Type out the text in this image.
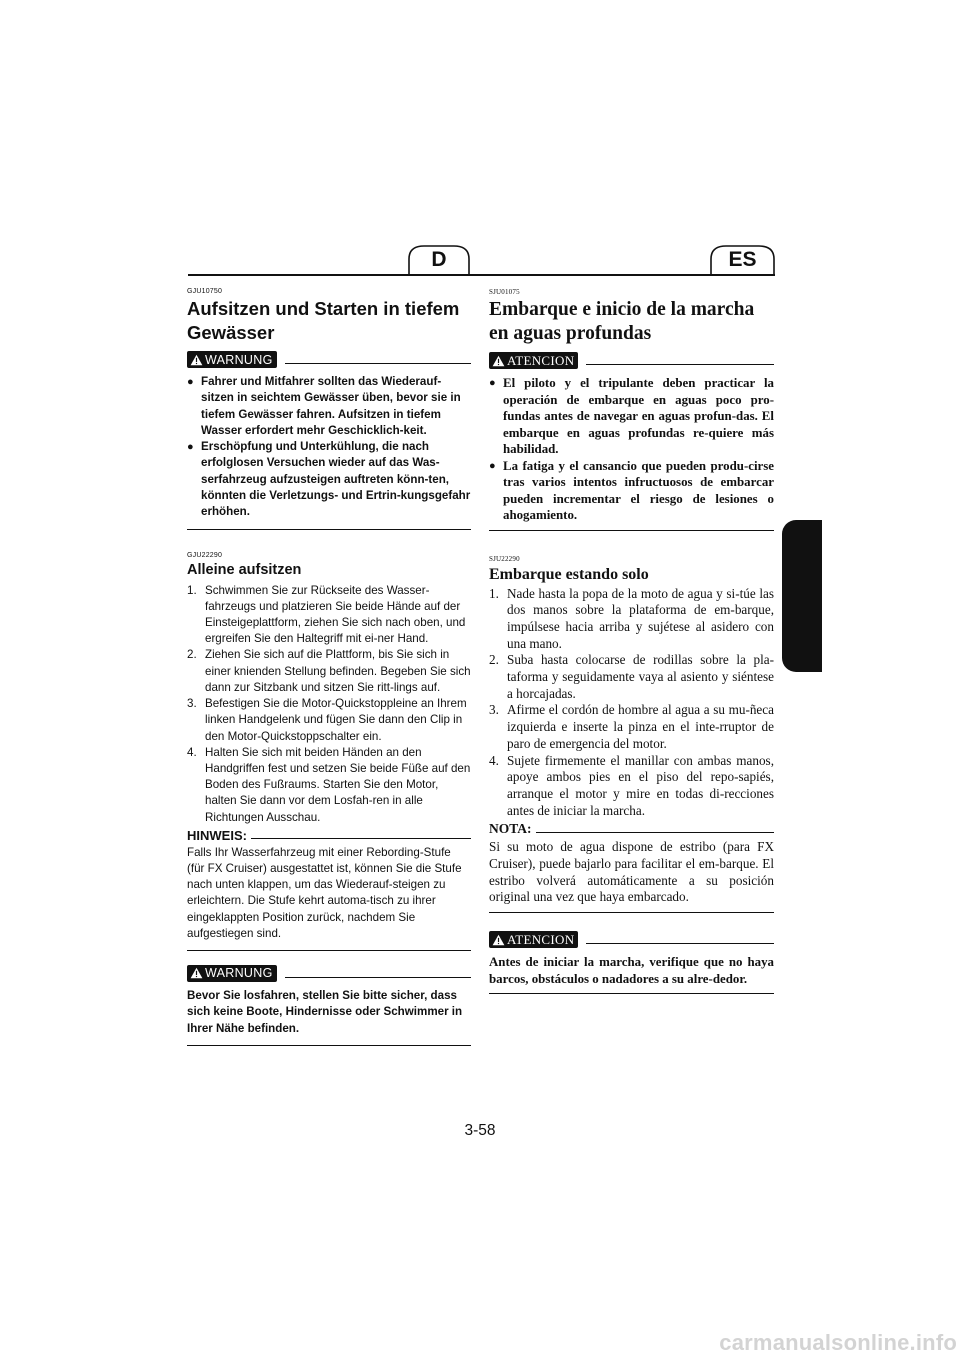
D	ES
GJU10750
Aufsitzen und Starten in tiefem
Gewässer
WARNUNG
● Fahrer und Mitfahrer sollten das Wiederauf-sitzen in seichtem Gewässer üben, bevor sie in tiefem Gewässer fahren. Aufsitzen in tiefem Wasser erfordert mehr Geschicklich-keit.
● Erschöpfung und Unterkühlung, die nach erfolglosen Versuchen wieder auf das Was-serfahrzeug aufzusteigen auftreten könn-ten, könnten die Verletzungs- und Ertrin-kungsgefahr erhöhen.
GJU22290
Alleine aufsitzen
1. Schwimmen Sie zur Rückseite des Wasser-fahrzeugs und platzieren Sie beide Hände auf der Einsteigeplattform, ziehen Sie sich nach oben, und ergreifen Sie den Haltegriff mit ei-ner Hand.
2. Ziehen Sie sich auf die Plattform, bis Sie sich in einer knienden Stellung befinden. Begeben Sie sich dann zur Sitzbank und sitzen Sie ritt-lings auf.
3. Befestigen Sie die Motor-Quickstoppleine an Ihrem linken Handgelenk und fügen Sie dann den Clip in den Motor-Quickstoppschalter ein.
4. Halten Sie sich mit beiden Händen an den Handgriffen fest und setzen Sie beide Füße auf den Boden des Fußraums. Starten Sie den Motor, halten Sie dann vor dem Losfah-ren in alle Richtungen Ausschau.
HINWEIS:
Falls Ihr Wasserfahrzeug mit einer Rebording-Stufe (für FX Cruiser) ausgestattet ist, können Sie die Stufe nach unten klappen, um das Wiederauf-steigen zu erleichtern. Die Stufe kehrt automa-tisch zu ihrer eingeklappten Position zurück, nachdem Sie aufgestiegen sind.
WARNUNG
Bevor Sie losfahren, stellen Sie bitte sicher, dass sich keine Boote, Hindernisse oder Schwimmer in Ihrer Nähe befinden.
SJU01075
Embarque e inicio de la marcha
en aguas profundas
ATENCION
● El piloto y el tripulante deben practicar la operación de embarque en aguas poco pro-fundas antes de navegar en aguas profun-das. El embarque en aguas profundas re-quiere más habilidad.
● La fatiga y el cansancio que pueden produ-cirse tras varios intentos infructuosos de embarcar pueden incrementar el riesgo de lesiones o ahogamiento.
SJU22290
Embarque estando solo
1. Nade hasta la popa de la moto de agua y si-túe las dos manos sobre la plataforma de em-barque, impúlsese hacia arriba y sujétese al asidero con una mano.
2. Suba hasta colocarse de rodillas sobre la pla-taforma y seguidamente vaya al asiento y siéntese a horcajadas.
3. Afirme el cordón de hombre al agua a su mu-ñeca izquierda e inserte la pinza en el inte-rruptor de paro de emergencia del motor.
4. Sujete firmemente el manillar con ambas manos, apoye ambos pies en el piso del repo-sapiés, arranque el motor y mire en todas di-recciones antes de iniciar la marcha.
NOTA:
Si su moto de agua dispone de estribo (para FX Cruiser), puede bajarlo para facilitar el em-barque. El estribo volverá automáticamente a su posición original una vez que haya embarcado.
ATENCION
Antes de iniciar la marcha, verifique que no haya barcos, obstáculos o nadadores a su alre-dedor.
3-58
carmanualsonline.info
